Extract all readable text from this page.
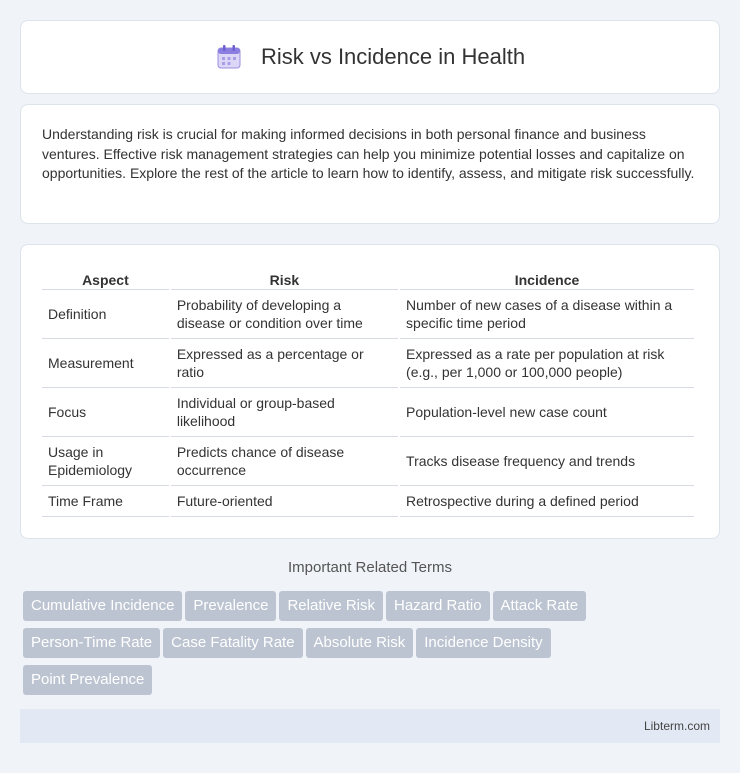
Risk vs Incidence in Health

Understanding risk is crucial for making informed decisions in both personal finance and business ventures. Effective risk management strategies can help you minimize potential losses and capitalize on opportunities. Explore the rest of the article to learn how to identify, assess, and mitigate risk successfully.

Aspect	Risk	Incidence
Definition	Probability of developing a disease or condition over time	Number of new cases of a disease within a specific time period
Measurement	Expressed as a percentage or ratio	Expressed as a rate per population at risk (e.g., per 1,000 or 100,000 people)
Focus	Individual or group-based likelihood	Population-level new case count
Usage in Epidemiology	Predicts chance of disease occurrence	Tracks disease frequency and trends
Time Frame	Future-oriented	Retrospective during a defined period
Important Related Terms
Cumulative Incidence Prevalence Relative Risk Hazard Ratio Attack Rate
Person-Time Rate Case Fatality Rate Absolute Risk Incidence Density
Point Prevalence
Libterm.com
